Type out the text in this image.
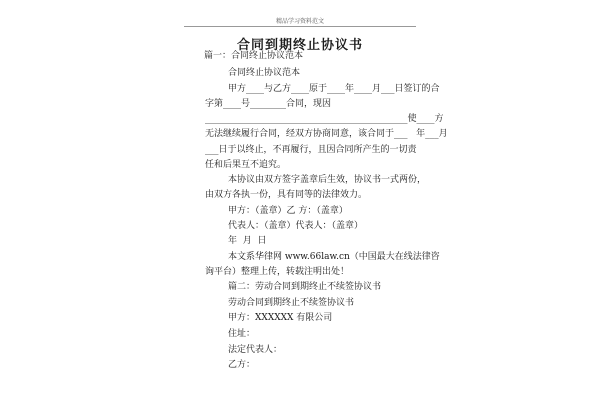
精品学习资料范文
合同到期终止协议书
篇一：合同终止协议范本
合同终止协议范本
甲方____与乙方____原于____年____月___日签订的合
字第____号________合同，现因
_____________________________________________使____方
无法继续履行合同，经双方协商同意，该合同于___   年___月
___日于以终止，不再履行，且因合同所产生的一切责
任和后果互不追究。
本协议由双方签字盖章后生效，协议书一式两份，
由双方各执一份，具有同等的法律效力。
甲方：（盖章）乙 方：（盖章）
代表人：（盖章）代表人：（盖章）
年  月  日
本文系华律网 www.66law.cn（中国最大在线法律咨
询平台）整理上传，转载注明出处！
篇二：劳动合同到期终止不续签协议书
劳动合同到期终止不续签协议书
甲方：XXXXXX 有限公司
住址：
法定代表人：
乙方：
